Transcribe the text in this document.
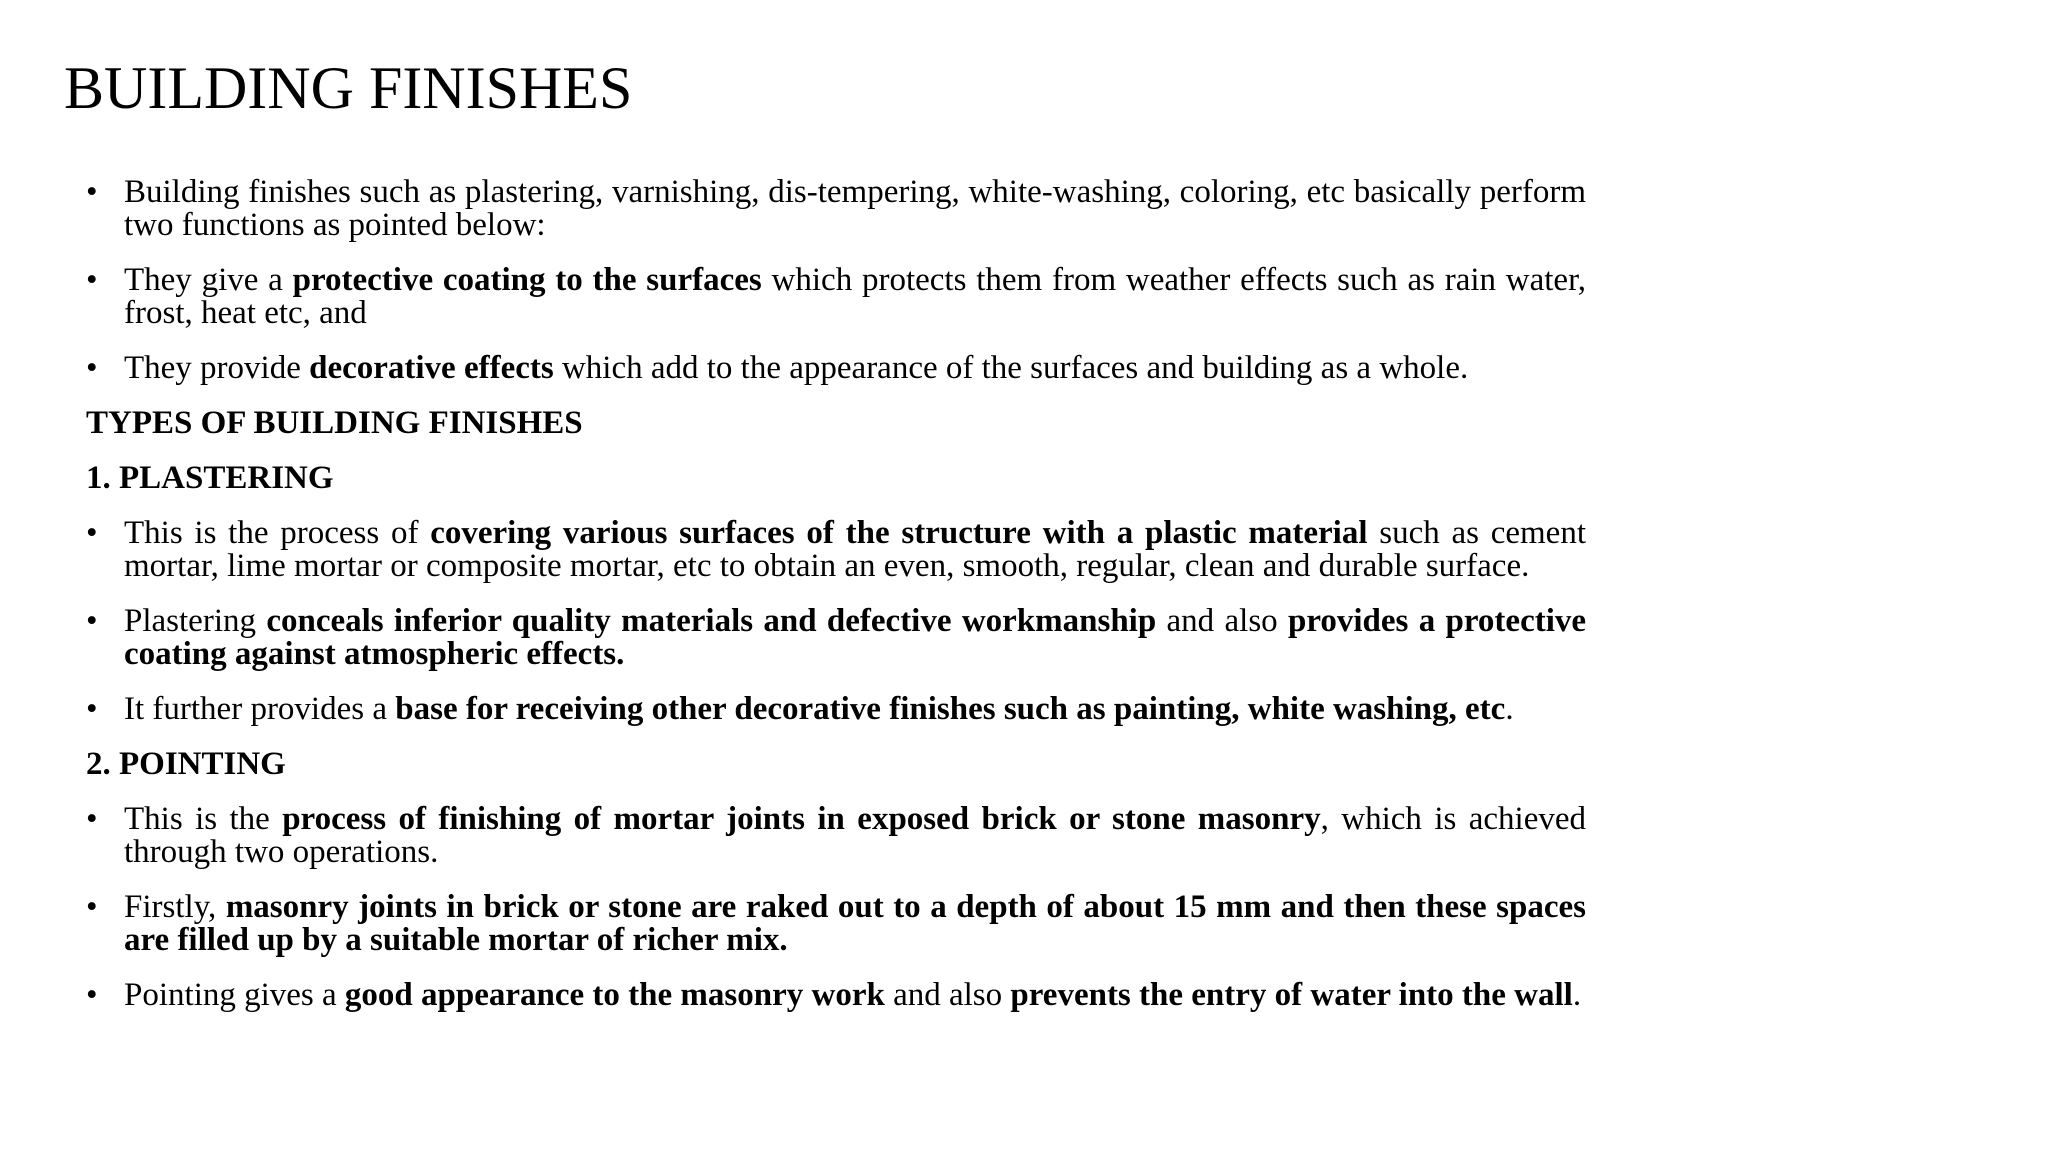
BUILDING FINISHES
• Building finishes such as plastering, varnishing, dis-tempering, white-washing, coloring, etc basically perform two functions as pointed below:
• They give a protective coating to the surfaces which protects them from weather effects such as rain water, frost, heat etc, and
• They provide decorative effects which add to the appearance of the surfaces and building as a whole.
TYPES OF BUILDING FINISHES
1. PLASTERING
• This is the process of covering various surfaces of the structure with a plastic material such as cement mortar, lime mortar or composite mortar, etc to obtain an even, smooth, regular, clean and durable surface.
• Plastering conceals inferior quality materials and defective workmanship and also provides a protective coating against atmospheric effects.
• It further provides a base for receiving other decorative finishes such as painting, white washing, etc.
2. POINTING
• This is the process of finishing of mortar joints in exposed brick or stone masonry, which is achieved through two operations.
• Firstly, masonry joints in brick or stone are raked out to a depth of about 15 mm and then these spaces are filled up by a suitable mortar of richer mix.
• Pointing gives a good appearance to the masonry work and also prevents the entry of water into the wall.
